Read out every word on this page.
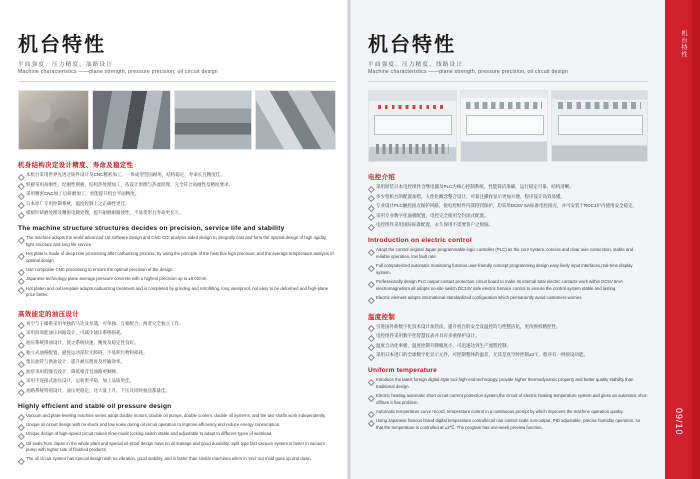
机台特性
平面强度、压力精度、油路设计
Machine characteristics ——plane strength, pressure precision, oil circuit design
机身结构决定设计精度、寿命及稳定性
本机台采用世界先进之铸件设计及CNC精密加工，一体成型坚固耐用，结构稳定，寿命长且精度佳。
机板采用高刚性、纪刚性钢板，结构热处理加工，依设计原理与热流原理，完全符合高刚性及精度要求。
采用精密CNC加工后研磨加工，更能提升机台平面精度。
日本原厂专用控制系统，温度控制上之正确性更佳。
模板针研磨处理及精密电镀处理，提升耐磨耐腐蚀性，不易变形且寿命更长久。
The machine structure structures decides on precision, service life and stability
The machine adopts the world advanced US software design and CNC-CDI analysis aided design to integrally cast and form the optimal design of high rigidity, tight structure and long life service.
Hot plate is made of deep hole processing after carburizing process, by using the principle of the heat flux high precision, and the average temperature analysis of optimal design.
Use composite CNC processing to ensure the optimal precision of the design.
Japanese technology plane average pressure concrete with a highest precision up to ±0.02mm.
Hot platen and out template adopts carburizing treatment and is completed by grinding and retrofitting, long wearproof, not easy to be deformed and high-plane price better.
高效能定的油压设计
真空与干燥系采用单独的马达及泵浦，可单独、互相配合、两者完全独立工作。
采用高效能油压回路设计，可减少油压系统损耗。
油压系统排油设计，使之系统快速，精度及稳定性良好。
独立式油路配置，避免运动部位无障碍，不易积污物和损耗。
集压油管与供油设计，提升耐压程度及传输效率。
油泵采用低噪音设计，降低噪音且油路更顺畅。
采用不连接式油压设计，运转更平稳，加工品质更佳。
油路系统特别设计，油压更稳定，比大量上升，下压及同时抽送都量佳。
Highly efficient and stable oil pressure design
Vacuum and plate-leveling machine series adopt double motors, double oil pumps, double coolers, double oil systems, and the two shafts work independently.
Unique oil circuit design with no shock and low noise during oil circuit operation to improve efficiency and reduce energy consumption.
Unique design of high-speed circuit makes slow-mode locking switch stable and adjustable to adapt to different types of workload.
Oil seals from Japan in the whole plant and special oil-proof design have no oil leakage and good durability. Split type fast vacuum system is faster in vacuum pump with higher rate of finished products.
The oil circuit system has special design with no vibration, good stability, and is faster than similar machines when in 'end' out mold goes up and down.
机台特性
平面强度、压力精度、线路设计
Machine characteristics ——plane strength, pressure precision, oil circuit design
电控介绍
采用原装日本电控组件含继电器及PLC为核心控制系统，性能简洁准确，运行稳定可靠，结构清晰。
多少型机台的配置加措，人性化概念整合设计，可靠且操作显示更加方便，程序设计高效易懂。
专业设计PLC触控接点保护回路，使电控组件内部得到保护，均采用DC5V SA标准电控接点，并可安装于ROC1炉内使用安全稳定。
采用专业数字化面板配置，电控完全使用全封闭式配置。
电控组件采用国际标准配置，永久保用不需要客户之烦恼。
Introduction on electric control
Adopt the control original Japan programmable logic controller (PLC) as the core system, concise and clear wire connection, stable and reliable operation, low fault rate.
Full computerized automatic monitoring function,user-friendly concept programming design,easy lively input interfaces,real-time display system.
Professionally design PLC output contact protection circuit board to make its internal total electric contacts work within DC5V 5mA electromagnetism all adopts no-site switch DC24V safe electric furnace control to ensure the control system stable and lasting.
Electric element adopts international standardized configuration which permanently avoid customers worries.
温度控制
引进国外新数字化技术设计加热法，提升机台的安全及温控均匀性整洁化，更改换机精控性。
电控组件采用数字化智慧仪表并具有多重保护设计。
温度自动化事板，温度控制升降幅度小，可迅速达到生产流程控制。
采用日本进口的全球数字化显示元件，可控制整体的温差，尤其是真空时控制±3℃，程序有一例预设功能。
Uniform temperature
Introduce the latest foreign digital style tool high-end technology, provide higher thermodynamic property and better quality stability than traditional design.
Electric heating automatic short circuit current protection system,the circuit of electric heating temperature system and gloss an automatic shut-off/turn it has problem.
Automatic temperature curve record, temperature control in a continuous prompt by which improves the machine operation quality.
Using Japanese famous brand digital temperature controller,oil can control scale non-output, PID adjustable, precise humidity operation, so that the temperature is controlled at ±3℃. The program has one-week preview function.
机台特性
09/10
